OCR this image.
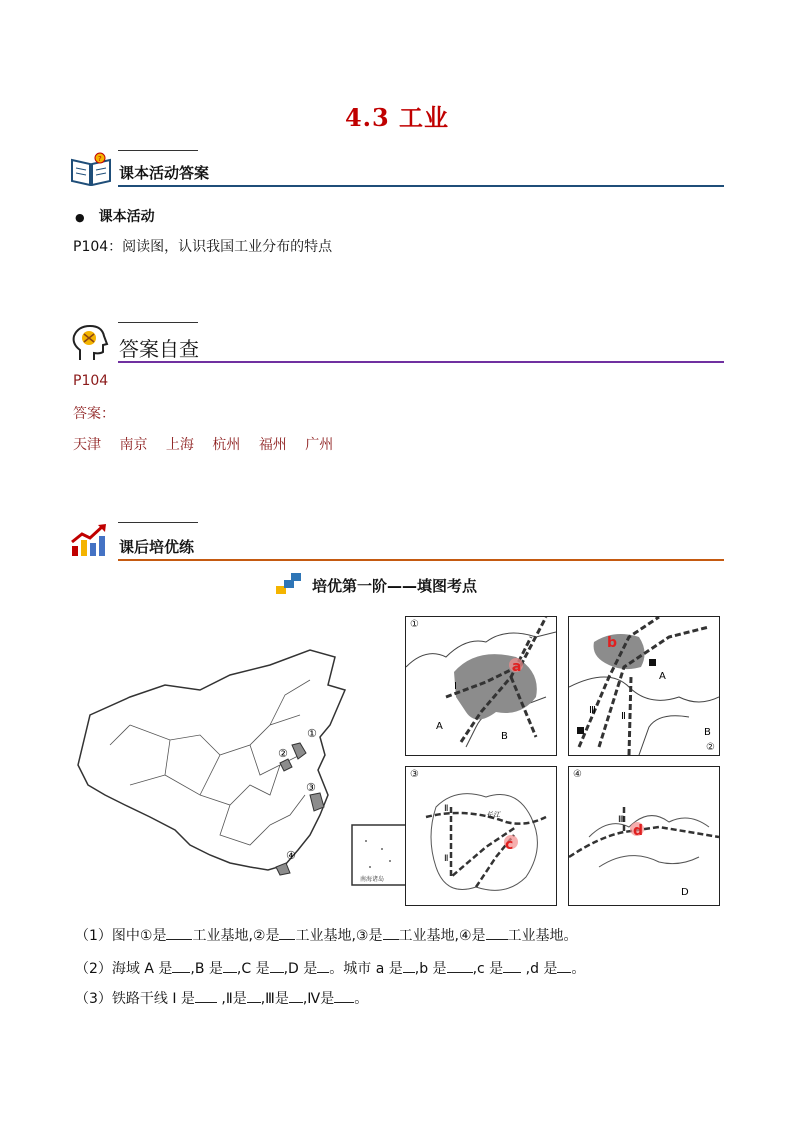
4.3 工业
?
课本活动答案
● 课本活动
P104：阅读图，认识我国工业分布的特点
答案自查
P104
答案：
天津 南京 上海 杭州 福州 广州
课后培优练
培优第一阶——填图考点
①
②
③
④
南海诸岛
a
Ⅰ
A
B
①
b
Ⅲ
Ⅱ
A
B
②
c
长江
Ⅱ
Ⅱ
③
d
Ⅲ
D
④
（1）图中①是 工业基地,②是 工业基地,③是 工业基地,④是 工业基地。
（2）海域 A 是 ,B 是 ,C 是 ,D 是 。城市 a 是 ,b 是 ,c 是 ,d 是 。
（3）铁路干线 I 是 ,Ⅱ是 ,Ⅲ是 ,Ⅳ是 。
